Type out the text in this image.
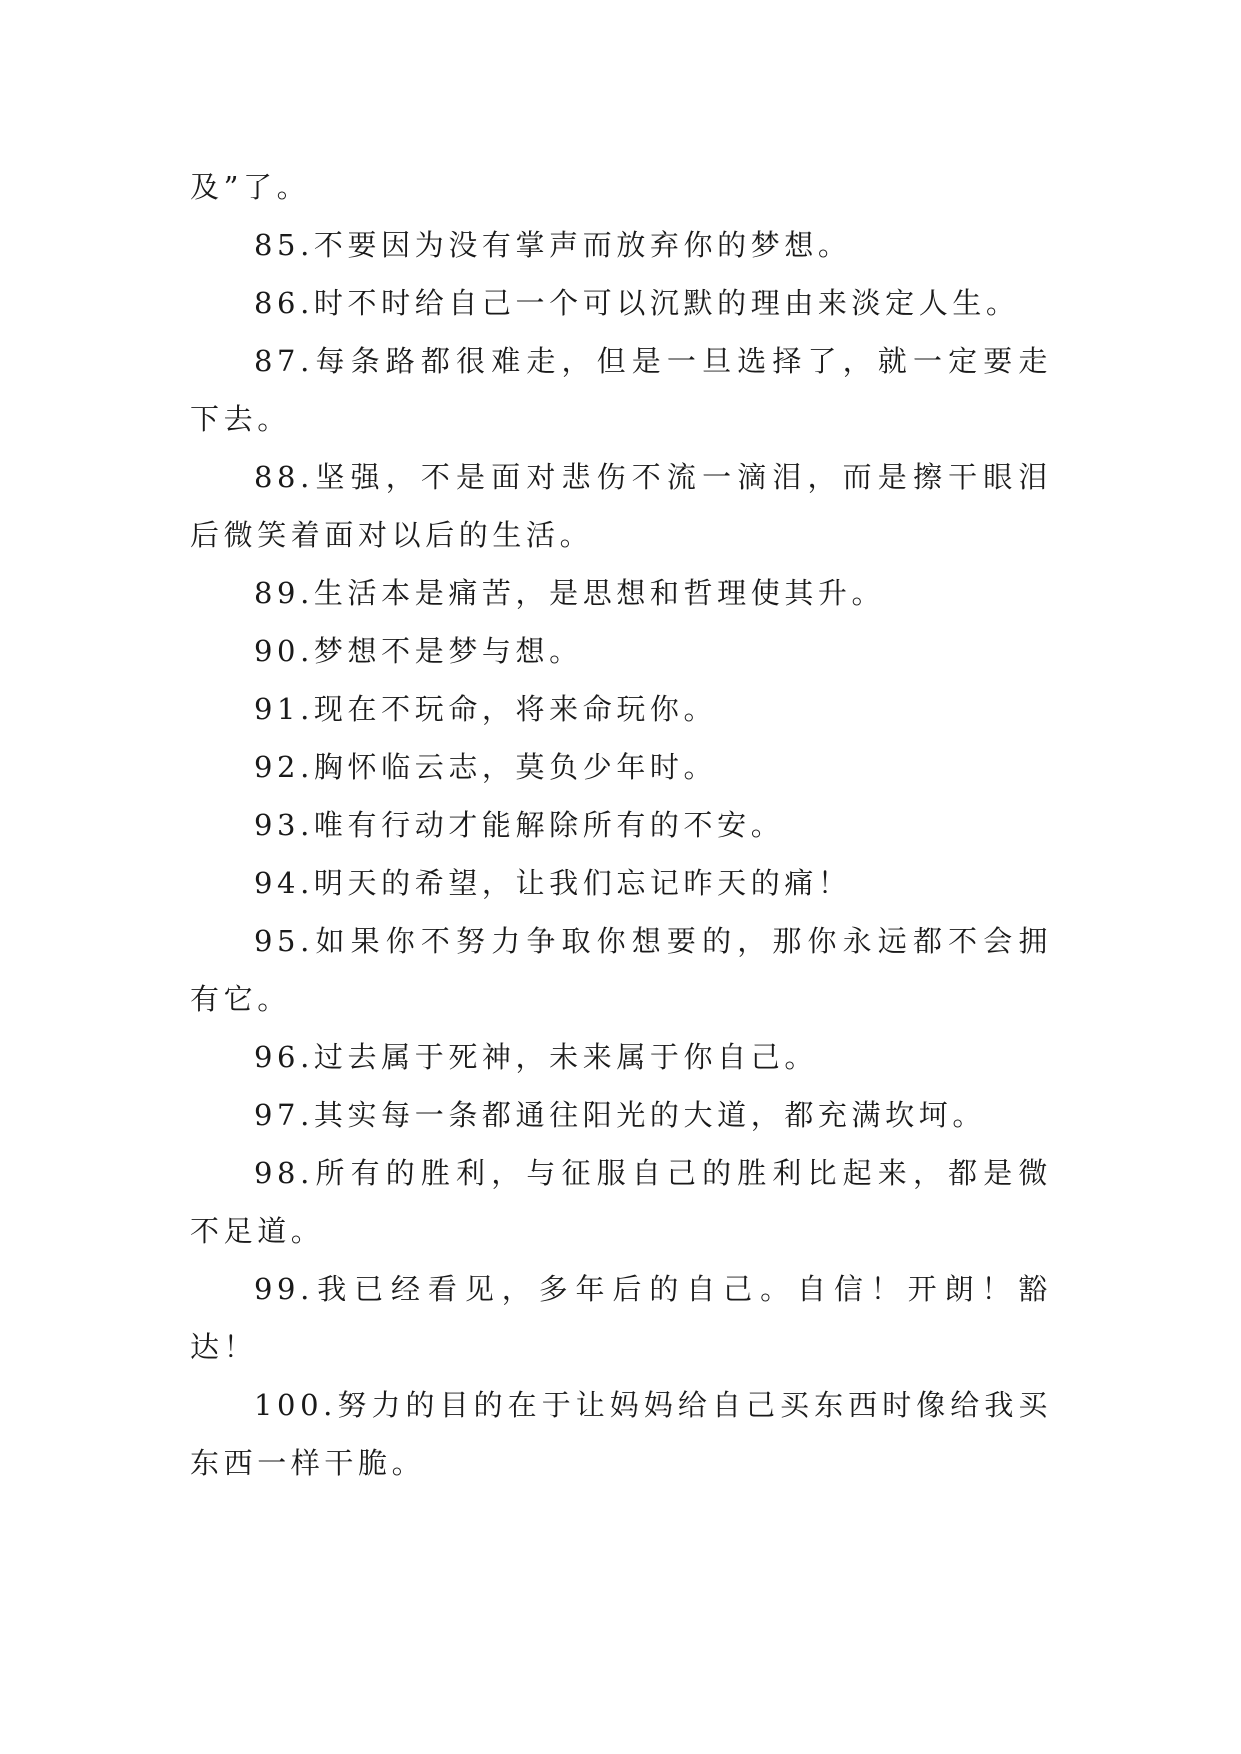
及”了。

85.不要因为没有掌声而放弃你的梦想。

86.时不时给自己一个可以沉默的理由来淡定人生。

87.每条路都很难走，但是一旦选择了，就一定要走下去。

88.坚强，不是面对悲伤不流一滴泪，而是擦干眼泪后微笑着面对以后的生活。

89.生活本是痛苦，是思想和哲理使其升。

90.梦想不是梦与想。

91.现在不玩命，将来命玩你。

92.胸怀临云志，莫负少年时。

93.唯有行动才能解除所有的不安。

94.明天的希望，让我们忘记昨天的痛！

95.如果你不努力争取你想要的，那你永远都不会拥有它。

96.过去属于死神，未来属于你自己。

97.其实每一条都通往阳光的大道，都充满坎坷。

98.所有的胜利，与征服自己的胜利比起来，都是微不足道。

99.我已经看见，多年后的自己。自信！开朗！豁达！

100.努力的目的在于让妈妈给自己买东西时像给我买东西一样干脆。
